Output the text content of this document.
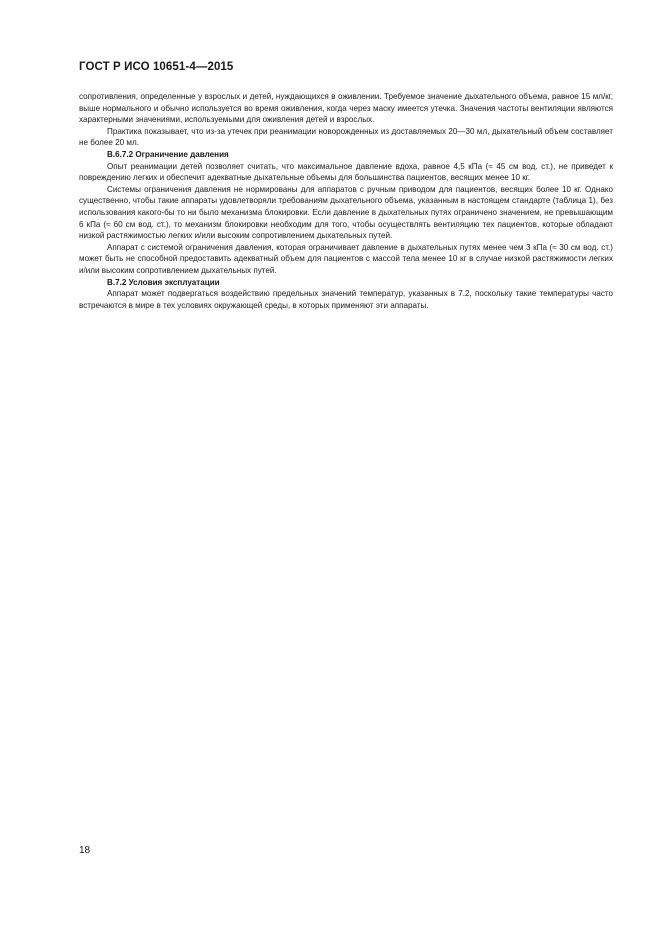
ГОСТ Р ИСО 10651-4—2015

сопротивления, определенные у взрослых и детей, нуждающихся в оживлении. Требуемое значение дыхательного объема, равное 15 мл/кг, выше нормального и обычно используется во время оживления, когда через маску имеется утечка. Значения частоты вентиляции являются характерными значениями, используемыми для оживления детей и взрослых.

Практика показывает, что из-за утечек при реанимации новорожденных из доставляемых 20—30 мл, дыхательный объем составляет не более 20 мл.

В.6.7.2 Ограничение давления

Опыт реанимации детей позволяет считать, что максимальное давление вдоха, равное 4,5 кПа (≈ 45 см вод. ст.), не приведет к повреждению легких и обеспечит адекватные дыхательные объемы для большинства пациентов, весящих менее 10 кг.

Системы ограничения давления не нормированы для аппаратов с ручным приводом для пациентов, весящих более 10 кг. Однако существенно, чтобы такие аппараты удовлетворяли требованиям дыхательного объема, указанным в настоящем стандарте (таблица 1), без использования какого-бы то ни было механизма блокировки. Если давление в дыхательных путях ограничено значением, не превышающим 6 кПа (≈ 60 см вод. ст.), то механизм блокировки необходим для того, чтобы осуществлять вентиляцию тех пациентов, которые обладают низкой растяжимостью легких и/или высоким сопротивлением дыхательных путей.

Аппарат с системой ограничения давления, которая ограничивает давление в дыхательных путях менее чем 3 кПа (≈ 30 см вод. ст.) может быть не способной предоставить адекватный объем для пациентов с массой тела менее 10 кг в случае низкой растяжимости легких и/или высоким сопротивлением дыхательных путей.

В.7.2 Условия эксплуатации

Аппарат может подвергаться воздействию предельных значений температур, указанных в 7.2, поскольку такие температуры часто встречаются в мире в тех условиях окружающей среды, в которых применяют эти аппараты.

18
